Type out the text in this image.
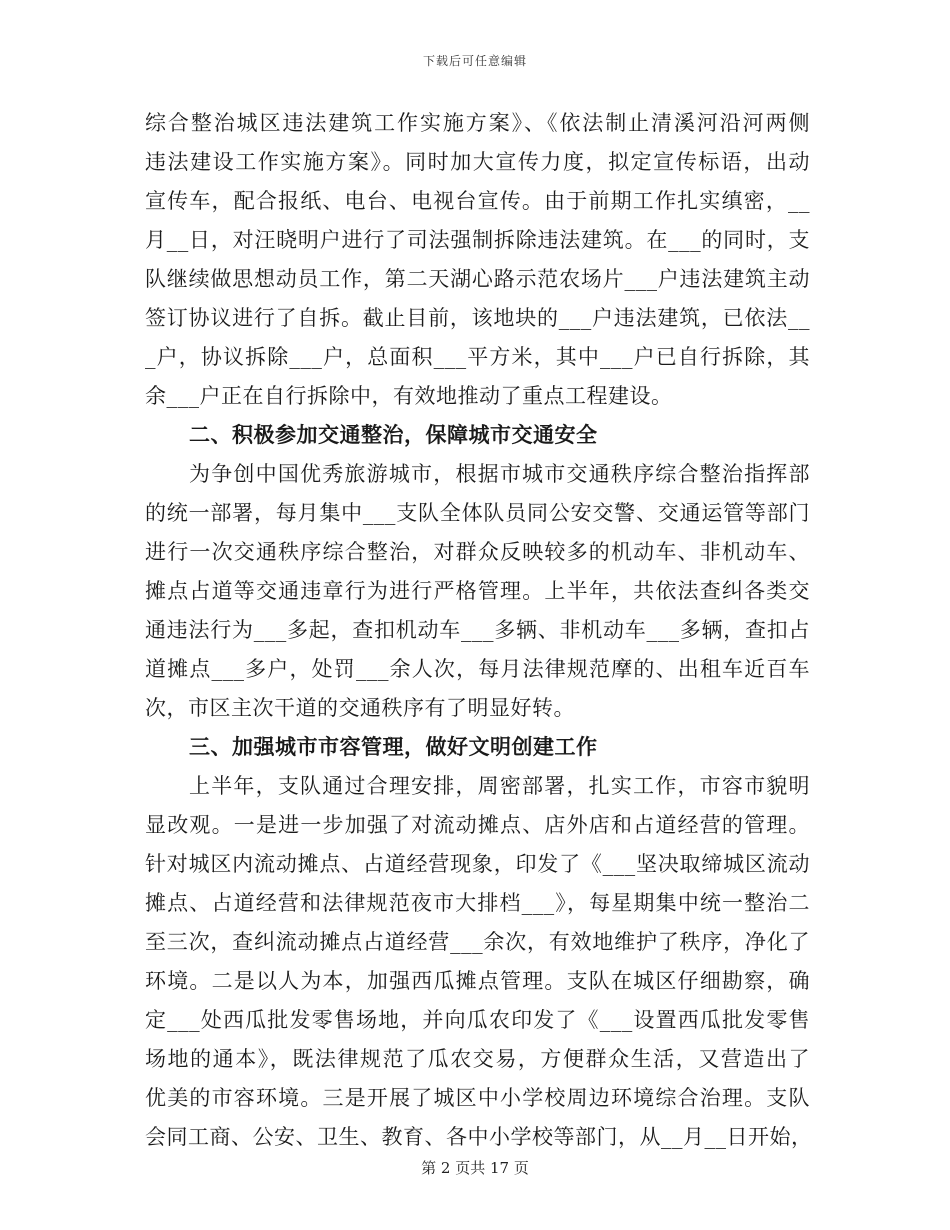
下载后可任意编辑
综合整治城区违法建筑工作实施方案》、《依法制止清溪河沿河两侧
违法建设工作实施方案》。同时加大宣传力度，拟定宣传标语，出动
宣传车，配合报纸、电台、电视台宣传。由于前期工作扎实缜密，__
月__日，对汪晓明户进行了司法强制拆除违法建筑。在___的同时，支
队继续做思想动员工作，第二天湖心路示范农场片___户违法建筑主动
签订协议进行了自拆。截止目前，该地块的___户违法建筑，已依法__
_户，协议拆除___户，总面积___平方米，其中___户已自行拆除，其
余___户正在自行拆除中，有效地推动了重点工程建设。
二、积极参加交通整治，保障城市交通安全
为争创中国优秀旅游城市，根据市城市交通秩序综合整治指挥部
的统一部署，每月集中___支队全体队员同公安交警、交通运管等部门
进行一次交通秩序综合整治，对群众反映较多的机动车、非机动车、
摊点占道等交通违章行为进行严格管理。上半年，共依法查纠各类交
通违法行为___多起，查扣机动车___多辆、非机动车___多辆，查扣占
道摊点___多户，处罚___余人次，每月法律规范摩的、出租车近百车
次，市区主次干道的交通秩序有了明显好转。
三、加强城市市容管理，做好文明创建工作
上半年，支队通过合理安排，周密部署，扎实工作，市容市貌明
显改观。一是进一步加强了对流动摊点、店外店和占道经营的管理。
针对城区内流动摊点、占道经营现象，印发了《___坚决取缔城区流动
摊点、占道经营和法律规范夜市大排档___》，每星期集中统一整治二
至三次，查纠流动摊点占道经营___余次，有效地维护了秩序，净化了
环境。二是以人为本，加强西瓜摊点管理。支队在城区仔细勘察，确
定___处西瓜批发零售场地，并向瓜农印发了《___设置西瓜批发零售
场地的通本》，既法律规范了瓜农交易，方便群众生活，又营造出了
优美的市容环境。三是开展了城区中小学校周边环境综合治理。支队
会同工商、公安、卫生、教育、各中小学校等部门，从__月__日开始，
第 2 页共 17 页
